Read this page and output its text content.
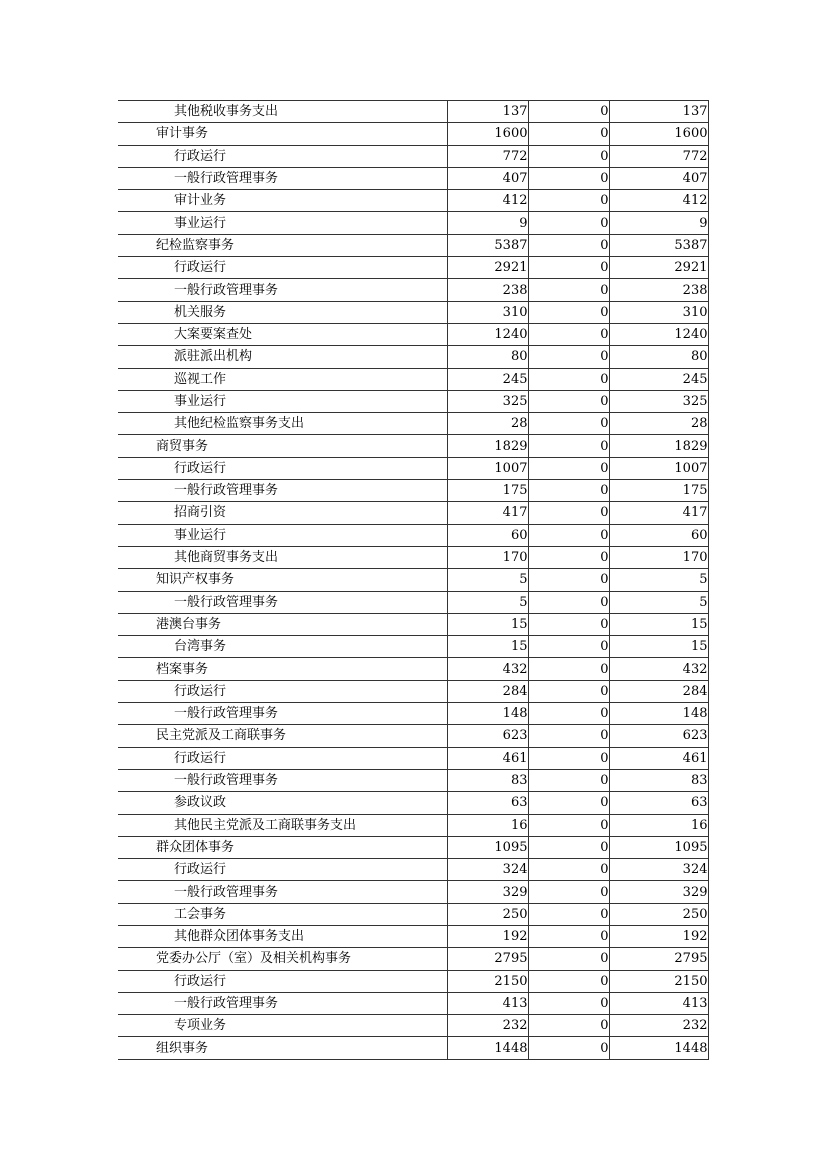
其他税收事务支出	137	0	137
审计事务	1600	0	1600
行政运行	772	0	772
一般行政管理事务	407	0	407
审计业务	412	0	412
事业运行	9	0	9
纪检监察事务	5387	0	5387
行政运行	2921	0	2921
一般行政管理事务	238	0	238
机关服务	310	0	310
大案要案查处	1240	0	1240
派驻派出机构	80	0	80
巡视工作	245	0	245
事业运行	325	0	325
其他纪检监察事务支出	28	0	28
商贸事务	1829	0	1829
行政运行	1007	0	1007
一般行政管理事务	175	0	175
招商引资	417	0	417
事业运行	60	0	60
其他商贸事务支出	170	0	170
知识产权事务	5	0	5
一般行政管理事务	5	0	5
港澳台事务	15	0	15
台湾事务	15	0	15
档案事务	432	0	432
行政运行	284	0	284
一般行政管理事务	148	0	148
民主党派及工商联事务	623	0	623
行政运行	461	0	461
一般行政管理事务	83	0	83
参政议政	63	0	63
其他民主党派及工商联事务支出	16	0	16
群众团体事务	1095	0	1095
行政运行	324	0	324
一般行政管理事务	329	0	329
工会事务	250	0	250
其他群众团体事务支出	192	0	192
党委办公厅（室）及相关机构事务	2795	0	2795
行政运行	2150	0	2150
一般行政管理事务	413	0	413
专项业务	232	0	232
组织事务	1448	0	1448
